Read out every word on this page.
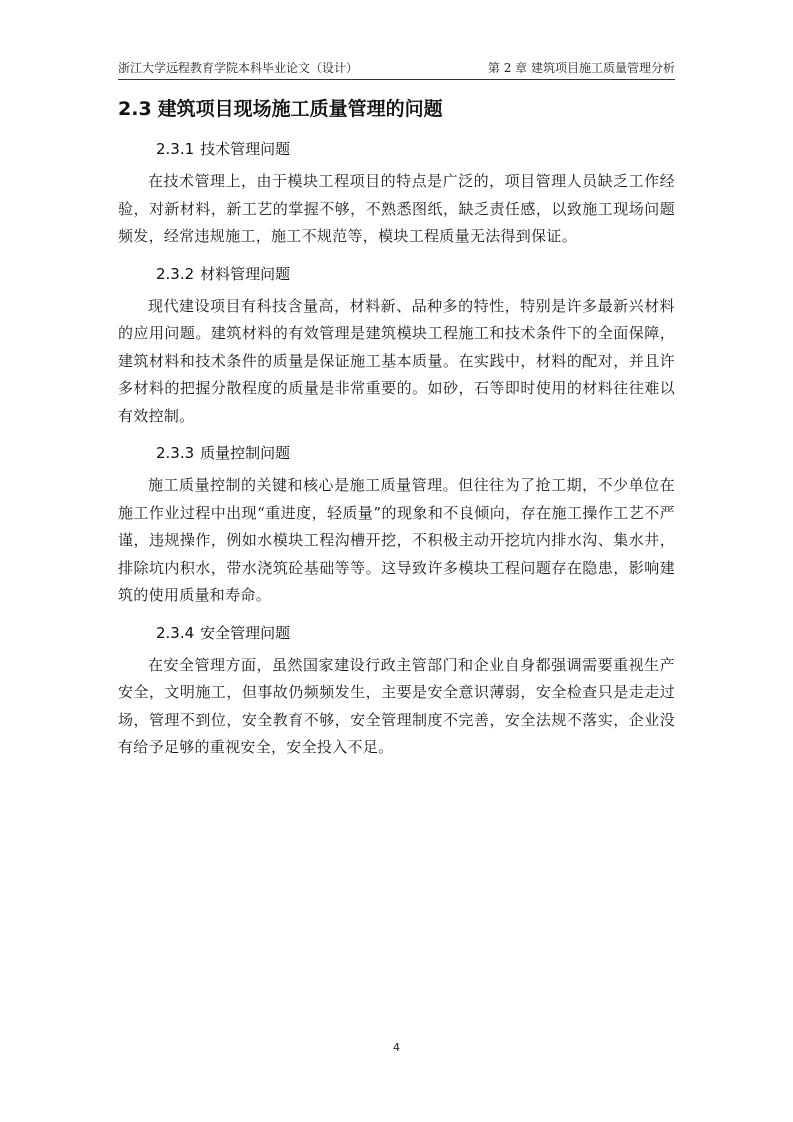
浙江大学远程教育学院本科毕业论文（设计）	第 2 章 建筑项目施工质量管理分析
2.3 建筑项目现场施工质量管理的问题
2.3.1 技术管理问题

在技术管理上，由于模块工程项目的特点是广泛的，项目管理人员缺乏工作经验，对新材料，新工艺的掌握不够，不熟悉图纸，缺乏责任感，以致施工现场问题频发，经常违规施工，施工不规范等，模块工程质量无法得到保证。

2.3.2 材料管理问题

现代建设项目有科技含量高，材料新、品种多的特性，特别是许多最新兴材料的应用问题。建筑材料的有效管理是建筑模块工程施工和技术条件下的全面保障，建筑材料和技术条件的质量是保证施工基本质量。在实践中，材料的配对，并且许多材料的把握分散程度的质量是非常重要的。如砂，石等即时使用的材料往往难以有效控制。

2.3.3 质量控制问题

施工质量控制的关键和核心是施工质量管理。但往往为了抢工期，不少单位在施工作业过程中出现“重进度，轻质量”的现象和不良倾向，存在施工操作工艺不严谨，违规操作，例如水模块工程沟槽开挖，不积极主动开挖坑内排水沟、集水井，排除坑内积水，带水浇筑砼基础等等。这导致许多模块工程问题存在隐患，影响建筑的使用质量和寿命。

2.3.4 安全管理问题

在安全管理方面，虽然国家建设行政主管部门和企业自身都强调需要重视生产安全，文明施工，但事故仍频频发生，主要是安全意识薄弱，安全检查只是走走过场，管理不到位，安全教育不够，安全管理制度不完善，安全法规不落实，企业没有给予足够的重视安全，安全投入不足。

4
